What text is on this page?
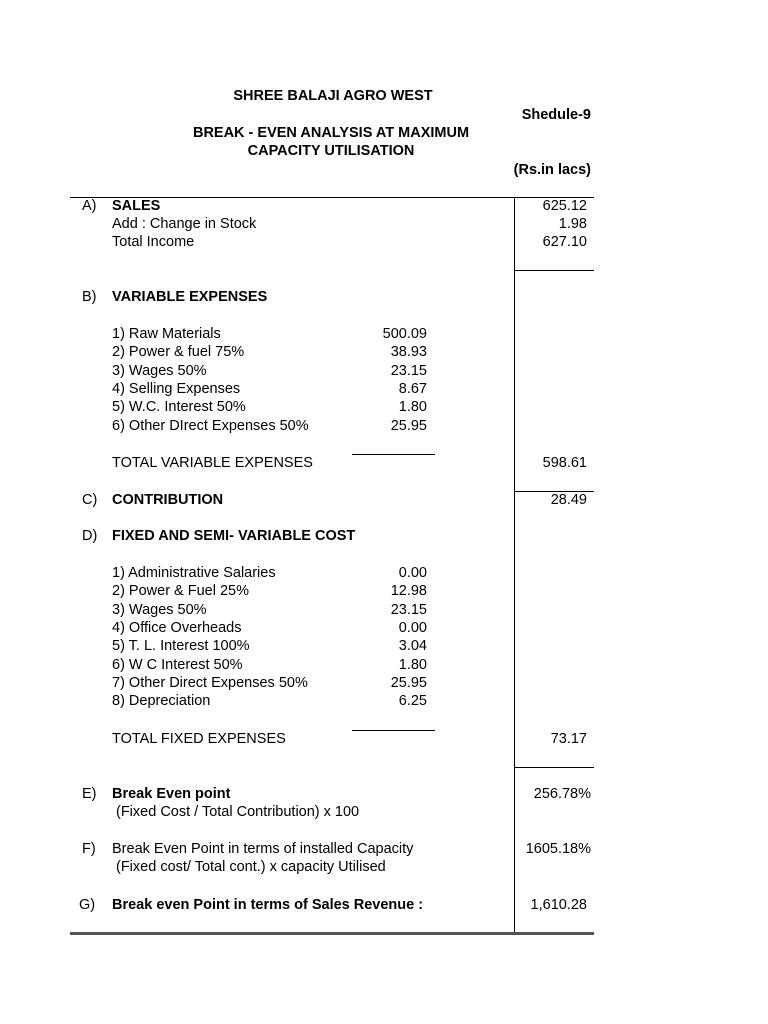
SHREE BALAJI AGRO WEST
Shedule-9
BREAK - EVEN ANALYSIS AT MAXIMUM
CAPACITY UTILISATION
(Rs.in lacs)
A) SALES	625.12
Add : Change in Stock	1.98
Total Income	627.10
B) VARIABLE EXPENSES
1) Raw Materials	500.09
2) Power & fuel 75%	38.93
3) Wages 50%	23.15
4) Selling Expenses	8.67
5) W.C. Interest 50%	1.80
6) Other DIrect Expenses 50%	25.95
TOTAL VARIABLE EXPENSES	598.61
C) CONTRIBUTION	28.49
D) FIXED AND SEMI- VARIABLE COST
1) Administrative Salaries	0.00
2) Power & Fuel 25%	12.98
3) Wages 50%	23.15
4) Office Overheads	0.00
5) T. L. Interest 100%	3.04
6) W C Interest 50%	1.80
7) Other Direct Expenses 50%	25.95
8) Depreciation	6.25
TOTAL FIXED EXPENSES	73.17
E) Break Even point	256.78%
(Fixed Cost / Total Contribution) x 100
F) Break Even Point in terms of installed Capacity	1605.18%
(Fixed cost/ Total cont.) x capacity Utilised
G) Break even Point in terms of Sales Revenue :	1,610.28
